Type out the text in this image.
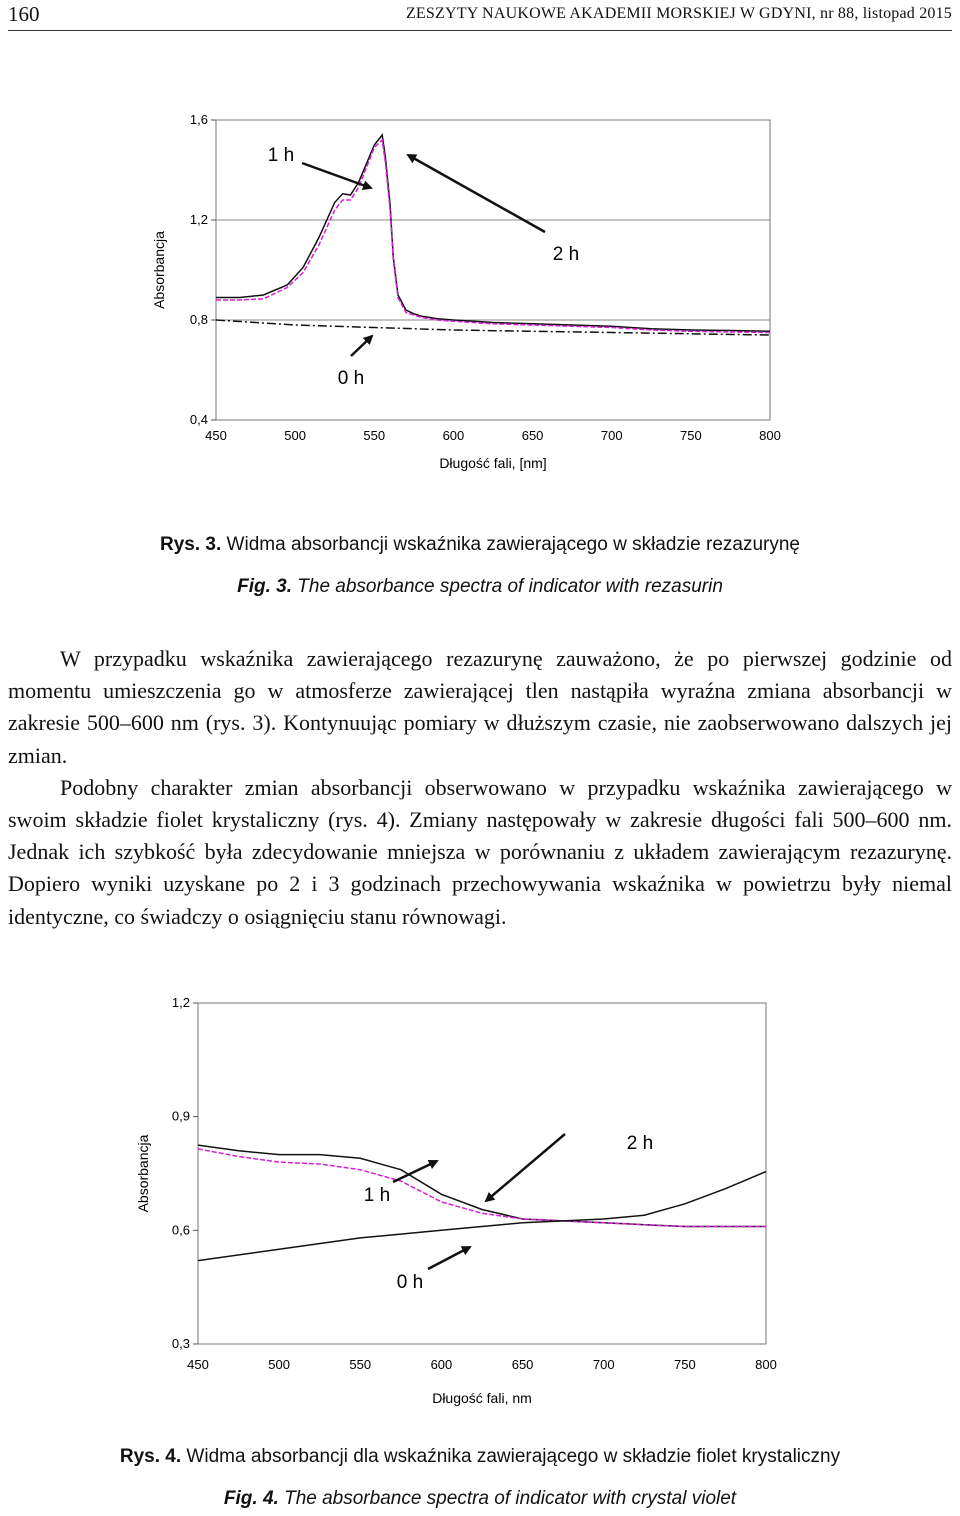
160	ZESZYTY NAUKOWE AKADEMII MORSKIEJ W GDYNI, nr 88, listopad 2015
0,4
0,8
1,2
1,6
450	500	550	600	650	700	750	800
Długość fali, [nm]
Absorbancja
1 h
2 h
0 h
Rys. 3. Widma absorbancji wskaźnika zawierającego w składzie rezazurynę
Fig. 3. The absorbance spectra of indicator with rezasurin

W przypadku wskaźnika zawierającego rezazurynę zauważono, że po pierwszej godzinie od momentu umieszczenia go w atmosferze zawierającej tlen nastąpiła wyraźna zmiana absorbancji w zakresie 500–600 nm (rys. 3). Kontynuując pomiary w dłuższym czasie, nie zaobserwowano dalszych jej zmian.

Podobny charakter zmian absorbancji obserwowano w przypadku wskaźnika zawierającego w swoim składzie fiolet krystaliczny (rys. 4). Zmiany następowały w zakresie długości fali 500–600 nm. Jednak ich szybkość była zdecydowanie mniejsza w porównaniu z układem zawierającym rezazurynę. Dopiero wyniki uzyskane po 2 i 3 godzinach przechowywania wskaźnika w powietrzu były niemal identyczne, co świadczy o osiągnięciu stanu równowagi.

0,3
0,6
0,9
1,2
450	500	550	600	650	700	750	800
Długość fali, nm
Absorbancja	2 h
1 h
0 h
Rys. 4. Widma absorbancji dla wskaźnika zawierającego w składzie fiolet krystaliczny
Fig. 4. The absorbance spectra of indicator with crystal violet
